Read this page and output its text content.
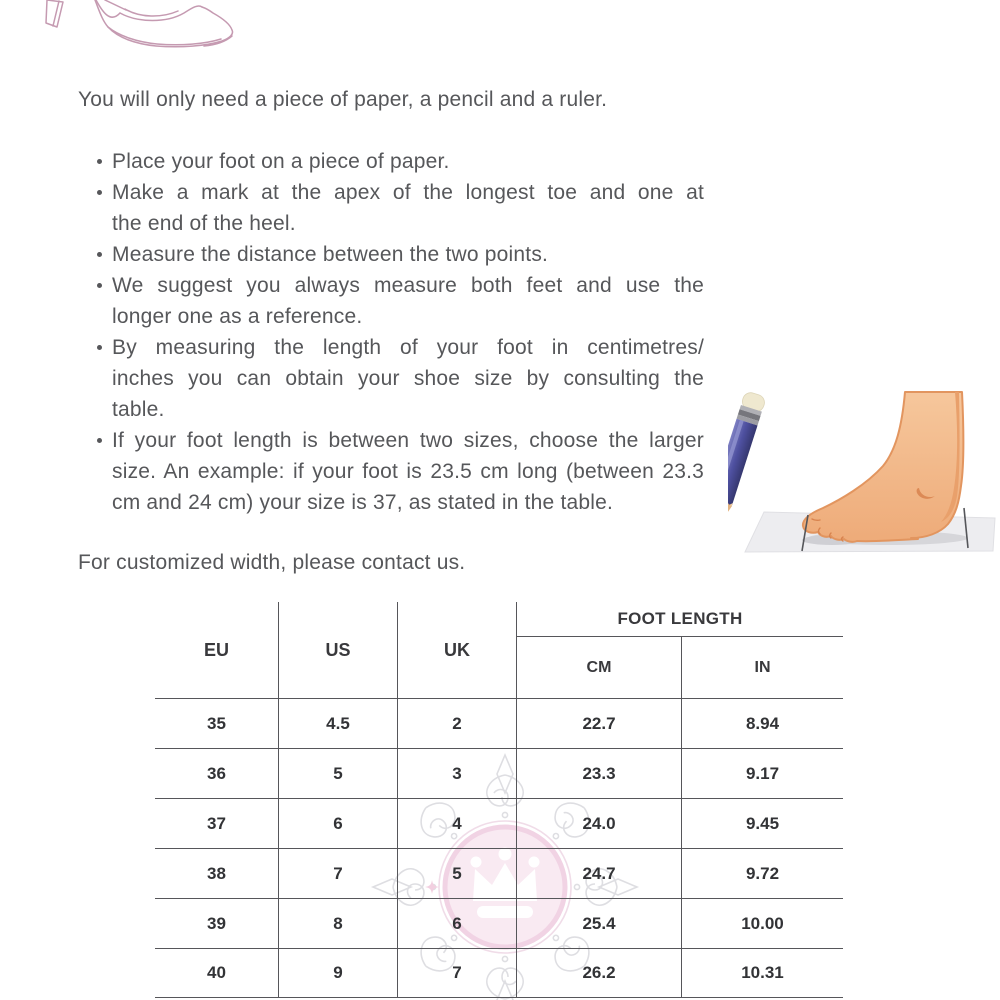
You will only need a piece of paper, a pencil and a ruler.
Place your foot on a piece of paper.
Make a mark at the apex of the longest toe and one at
the end of the heel.
Measure the distance between the two points.
We suggest you always measure both feet and use the
longer one as a reference.
By measuring the length of your foot in centimetres/
inches you can obtain your shoe size by consulting the
table.
If your foot length is between two sizes, choose the larger
size. An example: if your foot is 23.5 cm long (between 23.3
cm and 24 cm) your size is 37, as stated in the table.
For customized width, please contact us.
EU	US	UK
FOOT LENGTH
CM	IN
35	4.5	2	22.7	8.94
36	5	3	23.3	9.17
37	6	4	24.0	9.45
38	7	5	24.7	9.72
39	8	6	25.4	10.00
40	9	7	26.2	10.31
